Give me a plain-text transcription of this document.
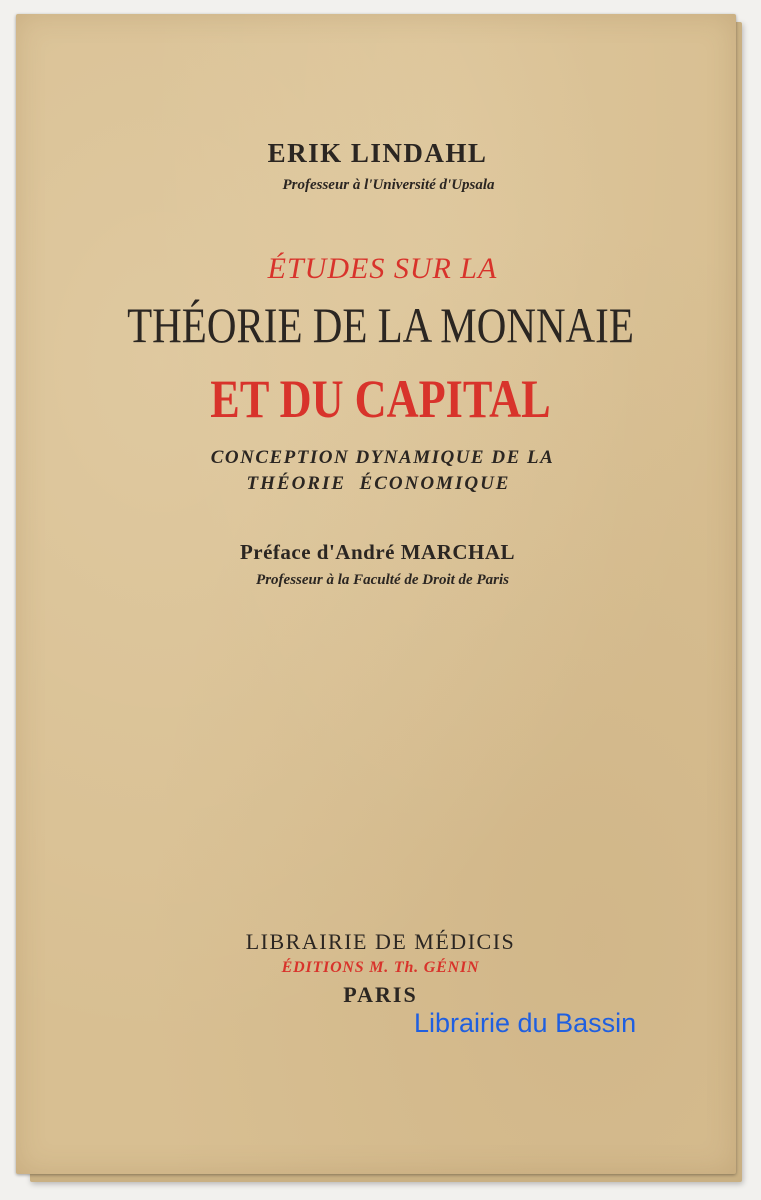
ERIK LINDAHL
Professeur à l'Université d'Upsala
ÉTUDES SUR LA
THÉORIE DE LA MONNAIE
ET DU CAPITAL
CONCEPTION DYNAMIQUE DE LA
THÉORIE  ÉCONOMIQUE
Préface d'André MARCHAL
Professeur à la Faculté de Droit de Paris
LIBRAIRIE DE MÉDICIS
ÉDITIONS M. Th. GÉNIN
PARIS
Librairie du Bassin
